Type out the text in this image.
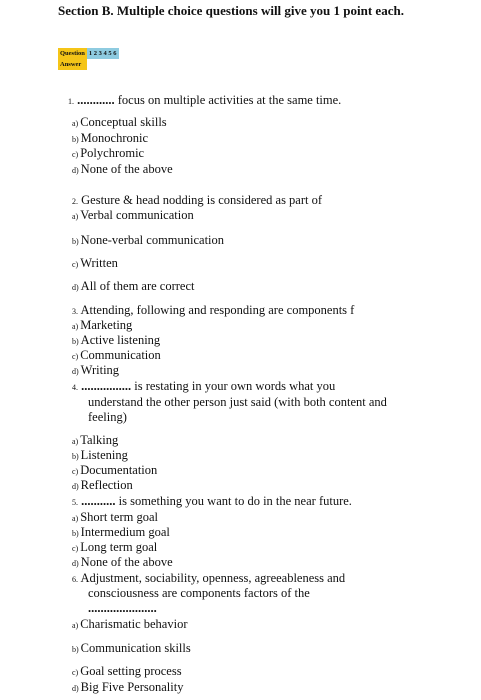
Section B. Multiple choice questions will give you 1 point each.
Question	1 2 3 4 5 6
Answer	
1. ............ focus on multiple activities at the same time.
a) Conceptual skills
b) Monochronic
c) Polychromic
d) None of the above
2. Gesture & head nodding is considered as part of
a) Verbal communication
b) None-verbal communication
c) Written
d) All of them are correct
3. Attending, following and responding are components f
a) Marketing
b) Active listening
c) Communication
d) Writing
4. ................ is restating in your own words what you
understand the other person just said (with both content and
feeling)
a) Talking
b) Listening
c) Documentation
d) Reflection
5. ........... is something you want to do in the near future.
a) Short term goal
b) Intermedium goal
c) Long term goal
d) None of the above
6. Adjustment, sociability, openness, agreeableness and
consciousness are components factors of the
......................
a) Charismatic behavior
b) Communication skills
c) Goal setting process
d) Big Five Personality
